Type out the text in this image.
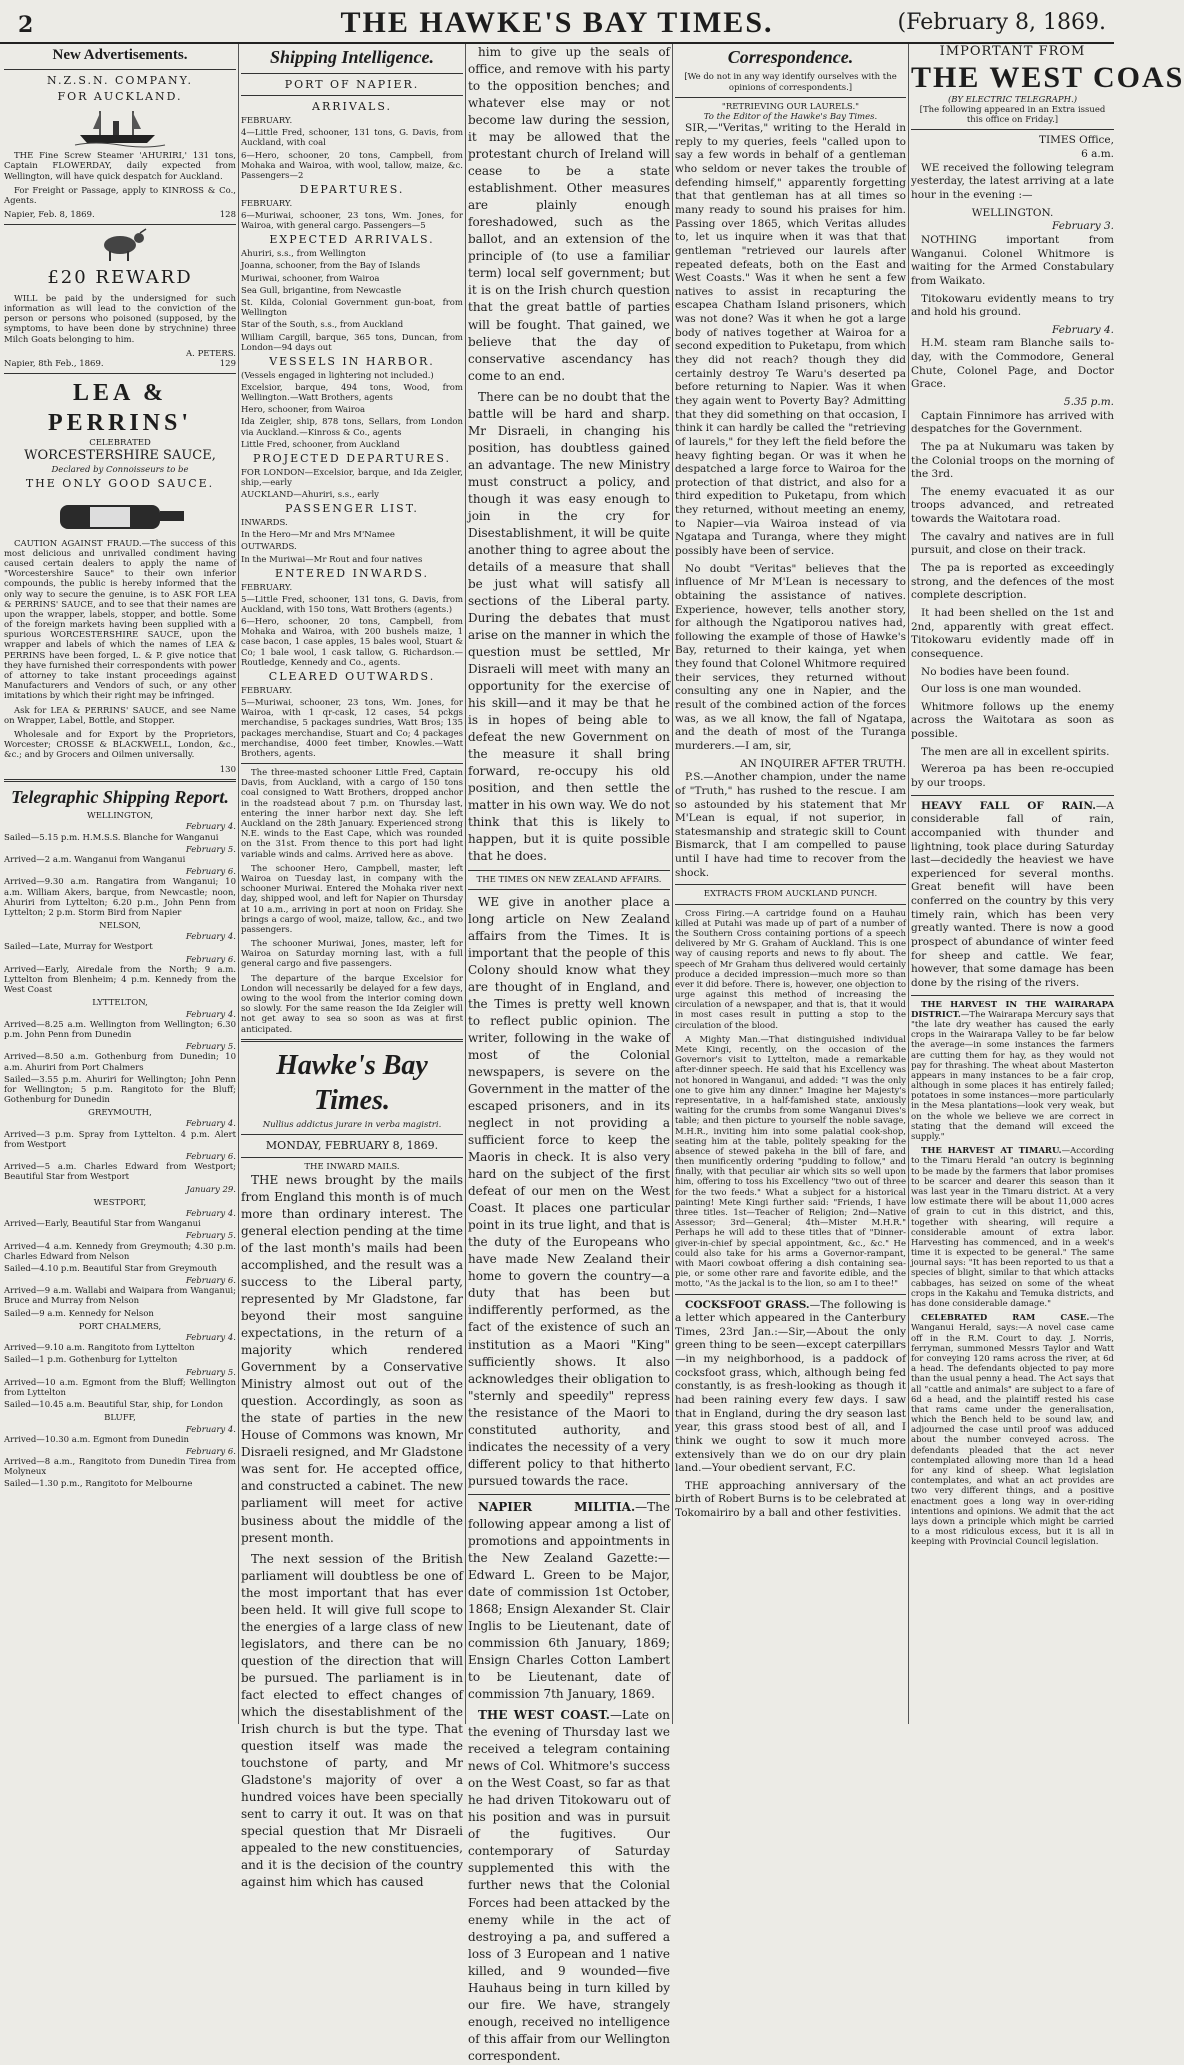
2	THE HAWKE'S BAY TIMES.	(February 8, 1869.
New Advertisements.
N.Z.S.N. COMPANY.
FOR AUCKLAND.

THE Fine Screw Steamer 'AHURIRI,' 131 tons, Captain FLOWERDAY, daily expected from Wellington, will have quick despatch for Auckland.

For Freight or Passage, apply to KINROSS & Co., Agents.

Napier, Feb. 8, 1869.	128
£20 REWARD

WILL be paid by the undersigned for such information as will lead to the conviction of the person or persons who poisoned (supposed, by the symptoms, to have been done by strychnine) three Milch Goats belonging to him.

A. PETERS.
Napier, 8th Feb., 1869.	129
LEA & PERRINS'
CELEBRATED
WORCESTERSHIRE SAUCE,
Declared by Connoisseurs to be
THE ONLY GOOD SAUCE.

CAUTION AGAINST FRAUD.—The success of this most delicious and unrivalled condiment having caused certain dealers to apply the name of "Worcestershire Sauce" to their own inferior compounds, the public is hereby informed that the only way to secure the genuine, is to ASK FOR LEA & PERRINS' SAUCE, and to see that their names are upon the wrapper, labels, stopper, and bottle. Some of the foreign markets having been supplied with a spurious WORCESTERSHIRE SAUCE, upon the wrapper and labels of which the names of LEA & PERRINS have been forged, L. & P. give notice that they have furnished their correspondents with power of attorney to take instant proceedings against Manufacturers and Vendors of such, or any other imitations by which their right may be infringed.

Ask for LEA & PERRINS' SAUCE, and see Name on Wrapper, Label, Bottle, and Stopper.

Wholesale and for Export by the Proprietors, Worcester; CROSSE & BLACKWELL, London, &c., &c.; and by Grocers and Oilmen universally.

130
Telegraphic Shipping Report.
WELLINGTON,
February 4.
Sailed—5.15 p.m. H.M.S.S. Blanche for Wanganui
February 5.
Arrived—2 a.m. Wanganui from Wanganui
February 6.
Arrived—9.30 a.m. Rangatira from Wanganui; 10 a.m. William Akers, barque, from Newcastle; noon, Ahuriri from Lyttelton; 6.20 p.m., John Penn from Lyttelton; 2 p.m. Storm Bird from Napier
NELSON,
February 4.
Sailed—Late, Murray for Westport
February 6.
Arrived—Early, Airedale from the North; 9 a.m. Lyttelton from Blenheim; 4 p.m. Kennedy from the West Coast
LYTTELTON,
February 4.
Arrived—8.25 a.m. Wellington from Wellington; 6.30 p.m. John Penn from Dunedin
February 5.
Arrived—8.50 a.m. Gothenburg from Dunedin; 10 a.m. Ahuriri from Port Chalmers
Sailed—3.55 p.m. Ahuriri for Wellington; John Penn for Wellington; 5 p.m. Rangitoto for the Bluff; Gothenburg for Dunedin
GREYMOUTH,
February 4.
Arrived—3 p.m. Spray from Lyttelton. 4 p.m. Alert from Westport
February 6.
Arrived—5 a.m. Charles Edward from Westport; Beautiful Star from Westport
January 29.
WESTPORT,
February 4.
Arrived—Early, Beautiful Star from Wanganui
February 5.
Arrived—4 a.m. Kennedy from Greymouth; 4.30 p.m. Charles Edward from Nelson
Sailed—4.10 p.m. Beautiful Star from Greymouth
February 6.
Arrived—9 a.m. Wallabi and Waipara from Wanganui; Bruce and Murray from Nelson
Sailed—9 a.m. Kennedy for Nelson
PORT CHALMERS,
February 4.
Arrived—9.10 a.m. Rangitoto from Lyttelton
Sailed—1 p.m. Gothenburg for Lyttelton
February 5.
Arrived—10 a.m. Egmont from the Bluff; Wellington from Lyttelton
Sailed—10.45 a.m. Beautiful Star, ship, for London
BLUFF,
February 4.
Arrived—10.30 a.m. Egmont from Dunedin
February 6.
Arrived—8 a.m., Rangitoto from Dunedin Tirea from Molyneux
Sailed—1.30 p.m., Rangitoto for Melbourne
Shipping Intelligence.
PORT OF NAPIER.
ARRIVALS.
FEBRUARY.
4—Little Fred, schooner, 131 tons, G. Davis, from Auckland, with coal
6—Hero, schooner, 20 tons, Campbell, from Mohaka and Wairoa, with wool, tallow, maize, &c. Passengers—2
DEPARTURES.
FEBRUARY.
6—Muriwai, schooner, 23 tons, Wm. Jones, for Wairoa, with general cargo. Passengers—5
EXPECTED ARRIVALS.
Ahuriri, s.s., from Wellington
Joanna, schooner, from the Bay of Islands
Muriwai, schooner, from Wairoa
Sea Gull, brigantine, from Newcastle
St. Kilda, Colonial Government gun-boat, from Wellington
Star of the South, s.s., from Auckland
William Cargill, barque, 365 tons, Duncan, from London—94 days out
VESSELS IN HARBOR.
(Vessels engaged in lightering not included.)
Excelsior, barque, 494 tons, Wood, from Wellington.—Watt Brothers, agents
Hero, schooner, from Wairoa
Ida Zeigler, ship, 878 tons, Sellars, from London via Auckland.—Kinross & Co., agents
Little Fred, schooner, from Auckland
PROJECTED DEPARTURES.
FOR LONDON—Excelsior, barque, and Ida Zeigler, ship,—early
AUCKLAND—Ahuriri, s.s., early
PASSENGER LIST.
INWARDS.
In the Hero—Mr and Mrs M'Namee
OUTWARDS.
In the Muriwai—Mr Rout and four natives
ENTERED INWARDS.
FEBRUARY.
5—Little Fred, schooner, 131 tons, G. Davis, from Auckland, with 150 tons, Watt Brothers (agents.)
6—Hero, schooner, 20 tons, Campbell, from Mohaka and Wairoa, with 200 bushels maize, 1 case bacon, 1 case apples, 15 bales wool, Stuart & Co; 1 bale wool, 1 cask tallow, G. Richardson.—Routledge, Kennedy and Co., agents.
CLEARED OUTWARDS.
FEBRUARY.
5—Muriwai, schooner, 23 tons, Wm. Jones, for Wairoa, with 1 qr-cask, 12 cases, 54 pckgs merchandise, 5 packages sundries, Watt Bros; 135 packages merchandise, Stuart and Co; 4 packages merchandise, 4000 feet timber, Knowles.—Watt Brothers, agents.

The three-masted schooner Little Fred, Captain Davis, from Auckland, with a cargo of 150 tons coal consigned to Watt Brothers, dropped anchor in the roadstead about 7 p.m. on Thursday last, entering the inner harbor next day. She left Auckland on the 28th January. Experienced strong N.E. winds to the East Cape, which was rounded on the 31st. From thence to this port had light variable winds and calms. Arrived here as above.

The schooner Hero, Campbell, master, left Wairoa on Tuesday last, in company with the schooner Muriwai. Entered the Mohaka river next day, shipped wool, and left for Napier on Thursday at 10 a.m., arriving in port at noon on Friday. She brings a cargo of wool, maize, tallow, &c., and two passengers.

The schooner Muriwai, Jones, master, left for Wairoa on Saturday morning last, with a full general cargo and five passengers.

The departure of the barque Excelsior for London will necessarily be delayed for a few days, owing to the wool from the interior coming down so slowly. For the same reason the Ida Zeigler will not get away to sea so soon as was at first anticipated.

Hawke's Bay Times.
Nullius addictus jurare in verba magistri.
MONDAY, FEBRUARY 8, 1869.
THE INWARD MAILS.

THE news brought by the mails from England this month is of much more than ordinary interest. The general election pending at the time of the last month's mails had been accomplished, and the result was a success to the Liberal party, represented by Mr Gladstone, far beyond their most sanguine expectations, in the return of a majority which rendered Government by a Conservative Ministry almost out out of the question. Accordingly, as soon as the state of parties in the new House of Commons was known, Mr Disraeli resigned, and Mr Gladstone was sent for. He accepted office, and constructed a cabinet. The new parliament will meet for active business about the middle of the present month.

The next session of the British parliament will doubtless be one of the most important that has ever been held. It will give full scope to the energies of a large class of new legislators, and there can be no question of the direction that will be pursued. The parliament is in fact elected to effect changes of which the disestablishment of the Irish church is but the type. That question itself was made the touchstone of party, and Mr Gladstone's majority of over a hundred voices have been specially sent to carry it out. It was on that special question that Mr Disraeli appealed to the new constituencies, and it is the decision of the country against him which has caused

him to give up the seals of office, and remove with his party to the opposition benches; and whatever else may or not become law during the session, it may be allowed that the protestant church of Ireland will cease to be a state establishment. Other measures are plainly enough foreshadowed, such as the ballot, and an extension of the principle of (to use a familiar term) local self government; but it is on the Irish church question that the great battle of parties will be fought. That gained, we believe that the day of conservative ascendancy has come to an end.

There can be no doubt that the battle will be hard and sharp. Mr Disraeli, in changing his position, has doubtless gained an advantage. The new Ministry must construct a policy, and though it was easy enough to join in the cry for Disestablishment, it will be quite another thing to agree about the details of a measure that shall be just what will satisfy all sections of the Liberal party. During the debates that must arise on the manner in which the question must be settled, Mr Disraeli will meet with many an opportunity for the exercise of his skill—and it may be that he is in hopes of being able to defeat the new Government on the measure it shall bring forward, re-occupy his old position, and then settle the matter in his own way. We do not think that this is likely to happen, but it is quite possible that he does.

THE TIMES ON NEW ZEALAND AFFAIRS.

WE give in another place a long article on New Zealand affairs from the Times. It is important that the people of this Colony should know what they are thought of in England, and the Times is pretty well known to reflect public opinion. The writer, following in the wake of most of the Colonial newspapers, is severe on the Government in the matter of the escaped prisoners, and in its neglect in not providing a sufficient force to keep the Maoris in check. It is also very hard on the subject of the first defeat of our men on the West Coast. It places one particular point in its true light, and that is the duty of the Europeans who have made New Zealand their home to govern the country—a duty that has been but indifferently performed, as the fact of the existence of such an institution as a Maori "King" sufficiently shows. It also acknowledges their obligation to "sternly and speedily" repress the resistance of the Maori to constituted authority, and indicates the necessity of a very different policy to that hitherto pursued towards the race.

NAPIER MILITIA.—The following appear among a list of promotions and appointments in the New Zealand Gazette:—Edward L. Green to be Major, date of commission 1st October, 1868; Ensign Alexander St. Clair Inglis to be Lieutenant, date of commission 6th January, 1869; Ensign Charles Cotton Lambert to be Lieutenant, date of commission 7th January, 1869.

THE WEST COAST.—Late on the evening of Thursday last we received a telegram containing news of Col. Whitmore's success on the West Coast, so far as that he had driven Titokowaru out of his position and was in pursuit of the fugitives. Our contemporary of Saturday supplemented this with the further news that the Colonial Forces had been attacked by the enemy while in the act of destroying a pa, and suffered a loss of 3 European and 1 native killed, and 9 wounded—five Hauhaus being in turn killed by our fire. We have, strangely enough, received no intelligence of this affair from our Wellington correspondent.

Correspondence.
[We do not in any way identify ourselves with the opinions of correspondents.]
"RETRIEVING OUR LAURELS."
To the Editor of the Hawke's Bay Times.

SIR,—"Veritas," writing to the Herald in reply to my queries, feels "called upon to say a few words in behalf of a gentleman who seldom or never takes the trouble of defending himself," apparently forgetting that that gentleman has at all times so many ready to sound his praises for him. Passing over 1865, which Veritas alludes to, let us inquire when it was that that gentleman "retrieved our laurels after repeated defeats, both on the East and West Coasts." Was it when he sent a few natives to assist in recapturing the escapea Chatham Island prisoners, which was not done? Was it when he got a large body of natives together at Wairoa for a second expedition to Puketapu, from which they did not reach? though they did certainly destroy Te Waru's deserted pa before returning to Napier. Was it when they again went to Poverty Bay? Admitting that they did something on that occasion, I think it can hardly be called the "retrieving of laurels," for they left the field before the heavy fighting began. Or was it when he despatched a large force to Wairoa for the protection of that district, and also for a third expedition to Puketapu, from which they returned, without meeting an enemy, to Napier—via Wairoa instead of via Ngatapa and Turanga, where they might possibly have been of service.

No doubt "Veritas" believes that the influence of Mr M'Lean is necessary to obtaining the assistance of natives. Experience, however, tells another story, for although the Ngatiporou natives had, following the example of those of Hawke's Bay, returned to their kainga, yet when they found that Colonel Whitmore required their services, they returned without consulting any one in Napier, and the result of the combined action of the forces was, as we all know, the fall of Ngatapa, and the death of most of the Turanga murderers.—I am, sir,

AN INQUIRER AFTER TRUTH.

P.S.—Another champion, under the name of "Truth," has rushed to the rescue. I am so astounded by his statement that Mr M'Lean is equal, if not superior, in statesmanship and strategic skill to Count Bismarck, that I am compelled to pause until I have had time to recover from the shock.

EXTRACTS FROM AUCKLAND PUNCH.

Cross Firing.—A cartridge found on a Hauhau killed at Putahi was made up of part of a number of the Southern Cross containing portions of a speech delivered by Mr G. Graham of Auckland. This is one way of causing reports and news to fly about. The speech of Mr Graham thus delivered would certainly produce a decided impression—much more so than ever it did before. There is, however, one objection to urge against this method of increasing the circulation of a newspaper, and that is, that it would in most cases result in putting a stop to the circulation of the blood.

A Mighty Man.—That distinguished individual Mete Kingi, recently, on the occasion of the Governor's visit to Lyttelton, made a remarkable after-dinner speech. He said that his Excellency was not honored in Wanganui, and added: "I was the only one to give him any dinner." Imagine her Majesty's representative, in a half-famished state, anxiously waiting for the crumbs from some Wanganui Dives's table; and then picture to yourself the noble savage, M.H.R., inviting him into some palatial cook-shop, seating him at the table, politely speaking for the absence of stewed pakeha in the bill of fare, and then munificently ordering "pudding to follow," and finally, with that peculiar air which sits so well upon him, offering to toss his Excellency "two out of three for the two feeds." What a subject for a historical painting! Mete Kingi further said: "Friends, I have three titles. 1st—Teacher of Religion; 2nd—Native Assessor; 3rd—General; 4th—Mister M.H.R." Perhaps he will add to these titles that of "Dinner-giver-in-chief by special appointment, &c., &c." He could also take for his arms a Governor-rampant, with Maori cowboat offering a dish containing sea-pie, or some other rare and favorite edible, and the motto, "As the jackal is to the lion, so am I to thee!"

COCKSFOOT GRASS.—The following is a letter which appeared in the Canterbury Times, 23rd Jan.:—Sir,—About the only green thing to be seen—except caterpillars—in my neighborhood, is a paddock of cocksfoot grass, which, although being fed constantly, is as fresh-looking as though it had been raining every few days. I saw that in England, during the dry season last year, this grass stood best of all, and I think we ought to sow it much more extensively than we do on our dry plain land.—Your obedient servant, F.C.

THE approaching anniversary of the birth of Robert Burns is to be celebrated at Tokomairiro by a ball and other festivities.

IMPORTANT FROM
THE WEST COAS
(BY ELECTRIC TELEGRAPH.)
[The following appeared in an Extra issued this office on Friday.]
TIMES Office,
6 a.m.

WE received the following telegram yesterday, the latest arriving at a late hour in the evening :—

WELLINGTON.
February 3.

NOTHING important from Wanganui. Colonel Whitmore is waiting for the Armed Constabulary from Waikato.

Titokowaru evidently means to try and hold his ground.

February 4.

H.M. steam ram Blanche sails to-day, with the Commodore, General Chute, Colonel Page, and Doctor Grace.

5.35 p.m.

Captain Finnimore has arrived with despatches for the Government.

The pa at Nukumaru was taken by the Colonial troops on the morning of the 3rd.

The enemy evacuated it as our troops advanced, and retreated towards the Waitotara road.

The cavalry and natives are in full pursuit, and close on their track.

The pa is reported as exceedingly strong, and the defences of the most complete description.

It had been shelled on the 1st and 2nd, apparently with great effect. Titokowaru evidently made off in consequence.

No bodies have been found.

Our loss is one man wounded.

Whitmore follows up the enemy across the Waitotara as soon as possible.

The men are all in excellent spirits.

Wereroa pa has been re-occupied by our troops.

HEAVY FALL OF RAIN.—A considerable fall of rain, accompanied with thunder and lightning, took place during Saturday last—decidedly the heaviest we have experienced for several months. Great benefit will have been conferred on the country by this very timely rain, which has been very greatly wanted. There is now a good prospect of abundance of winter feed for sheep and cattle. We fear, however, that some damage has been done by the rising of the rivers.

THE HARVEST IN THE WAIRARAPA DISTRICT.—The Wairarapa Mercury says that "the late dry weather has caused the early crops in the Wairarapa Valley to be far below the average—in some instances the farmers are cutting them for hay, as they would not pay for thrashing. The wheat about Masterton appears in many instances to be a fair crop, although in some places it has entirely failed; potatoes in some instances—more particularly in the Mesa plantations—look very weak, but on the whole we believe we are correct in stating that the demand will exceed the supply."

THE HARVEST AT TIMARU.—According to the Timaru Herald "an outcry is beginning to be made by the farmers that labor promises to be scarcer and dearer this season than it was last year in the Timaru district. At a very low estimate there will be about 11,000 acres of grain to cut in this district, and this, together with shearing, will require a considerable amount of extra labor. Harvesting has commenced, and in a week's time it is expected to be general." The same journal says: "It has been reported to us that a species of blight, similar to that which attacks cabbages, has seized on some of the wheat crops in the Kakahu and Temuka districts, and has done considerable damage."

CELEBRATED RAM CASE.—The Wanganui Herald, says:—A novel case came off in the R.M. Court to day. J. Norris, ferryman, summoned Messrs Taylor and Watt for conveying 120 rams across the river, at 6d a head. The defendants objected to pay more than the usual penny a head. The Act says that all "cattle and animals" are subject to a fare of 6d a head, and the plaintiff rested his case that rams came under the generalisation, which the Bench held to be sound law, and adjourned the case until proof was adduced about the number conveyed across. The defendants pleaded that the act never contemplated allowing more than 1d a head for any kind of sheep. What legislation contemplates, and what an act provides are two very different things, and a positive enactment goes a long way in over-riding intentions and opinions. We admit that the act lays down a principle which might be carried to a most ridiculous excess, but it is all in keeping with Provincial Council legislation.
